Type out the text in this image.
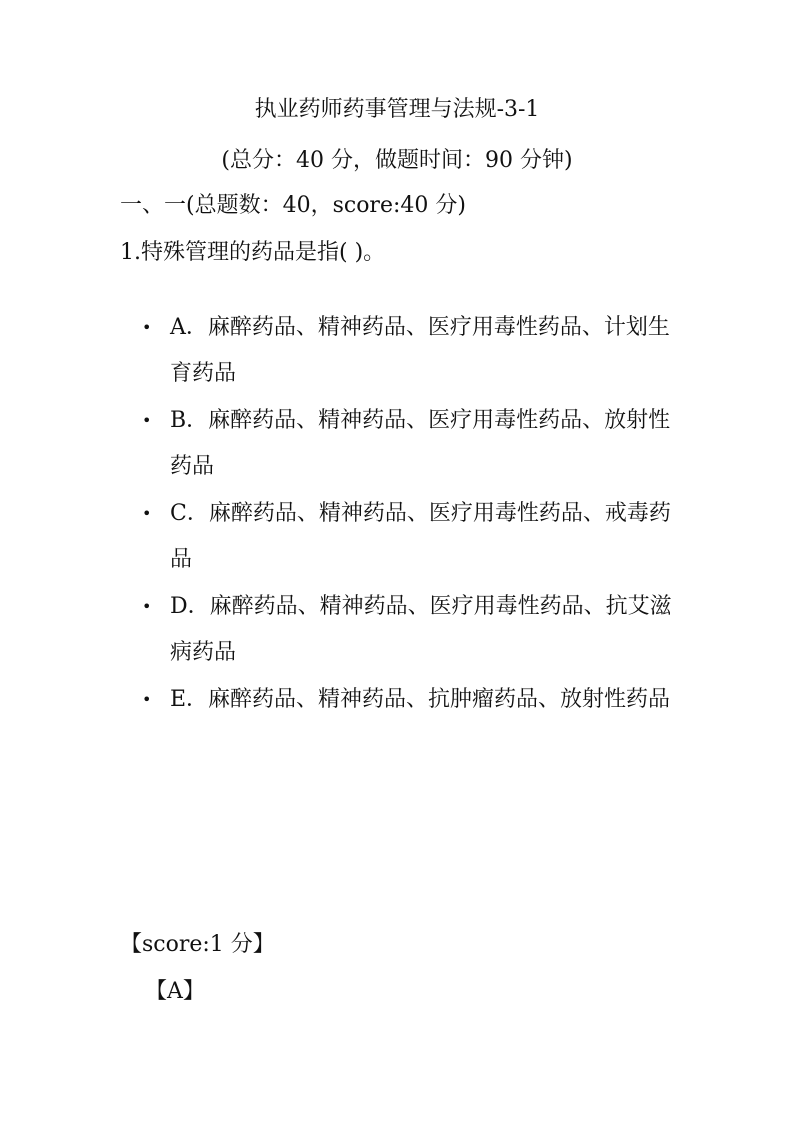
执业药师药事管理与法规-3-1
(总分：40 分，做题时间：90 分钟)
一、一(总题数：40，score:40 分)
1.特殊管理的药品是指( )。
• A．麻醉药品、精神药品、医疗用毒性药品、计划生育药品
• B．麻醉药品、精神药品、医疗用毒性药品、放射性药品
• C．麻醉药品、精神药品、医疗用毒性药品、戒毒药品
• D．麻醉药品、精神药品、医疗用毒性药品、抗艾滋病药品
• E．麻醉药品、精神药品、抗肿瘤药品、放射性药品
【score:1 分】
【A】
